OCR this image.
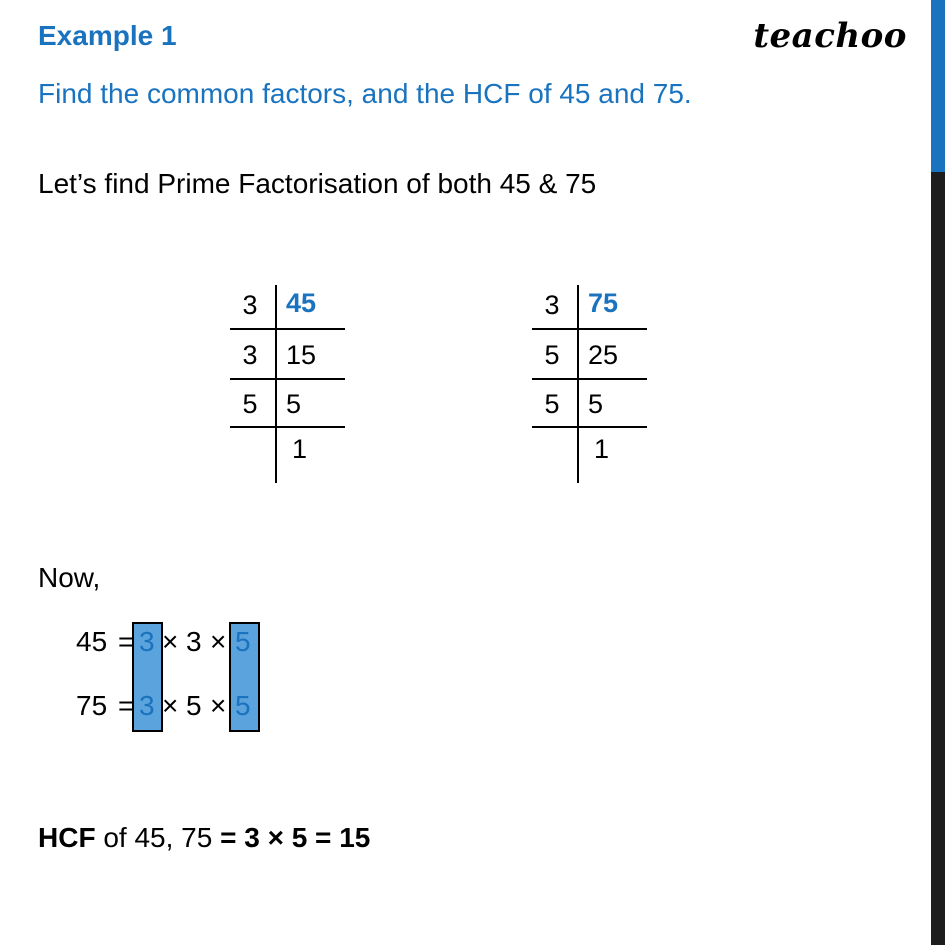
Example 1	teachoo
Find the common factors, and the HCF of 45 and 75.
Let’s find Prime Factorisation of both 45 & 75
3
3
5
45
15
5
1
3
5
5
75
25
5
1
Now,
45 = 3 × 3 × 5
75 = 3 × 5 × 5
HCF of 45, 75 = 3 × 5 = 15
